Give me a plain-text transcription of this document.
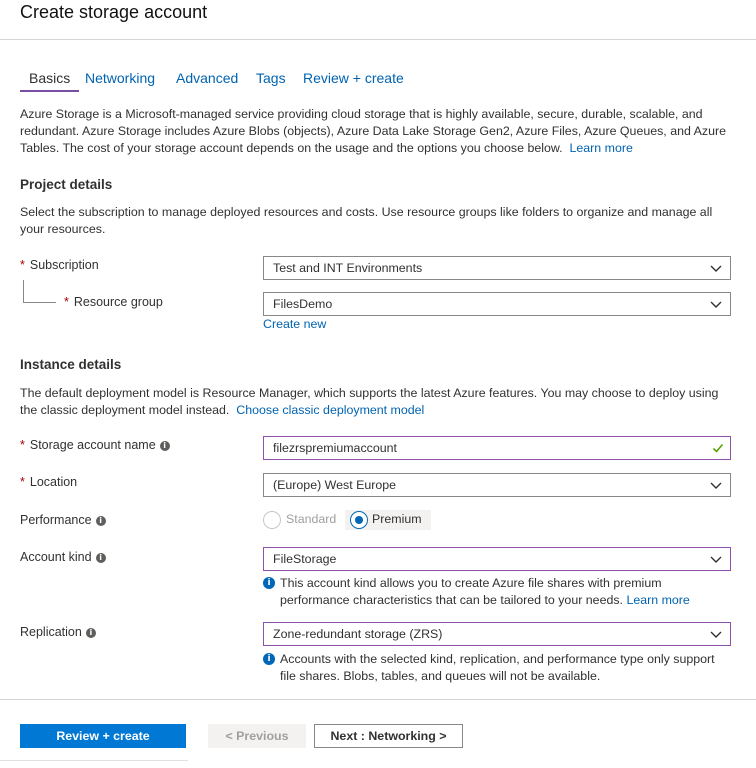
Create storage account
Basics	Networking Advanced Tags Review + create
Azure Storage is a Microsoft-managed service providing cloud storage that is highly available, secure, durable, scalable, and redundant. Azure Storage includes Azure Blobs (objects), Azure Data Lake Storage Gen2, Azure Files, Azure Queues, and Azure Tables. The cost of your storage account depends on the usage and the options you choose below. Learn more
Project details
Select the subscription to manage deployed resources and costs. Use resource groups like folders to organize and manage all your resources.
* Subscription	Test and INT Environments
* Resource group	FilesDemo
Create new
Instance details
The default deployment model is Resource Manager, which supports the latest Azure features. You may choose to deploy using the classic deployment model instead. Choose classic deployment model
* Storage account name i	filezrspremiumaccount
* Location	(Europe) West Europe
Performance i	Standard	Premium
Account kind i	FileStorage
i This account kind allows you to create Azure file shares with premium performance characteristics that can be tailored to your needs. Learn more
Replication i	Zone-redundant storage (ZRS)
i Accounts with the selected kind, replication, and performance type only support file shares. Blobs, tables, and queues will not be available.
Review + create	< Previous	Next : Networking >
